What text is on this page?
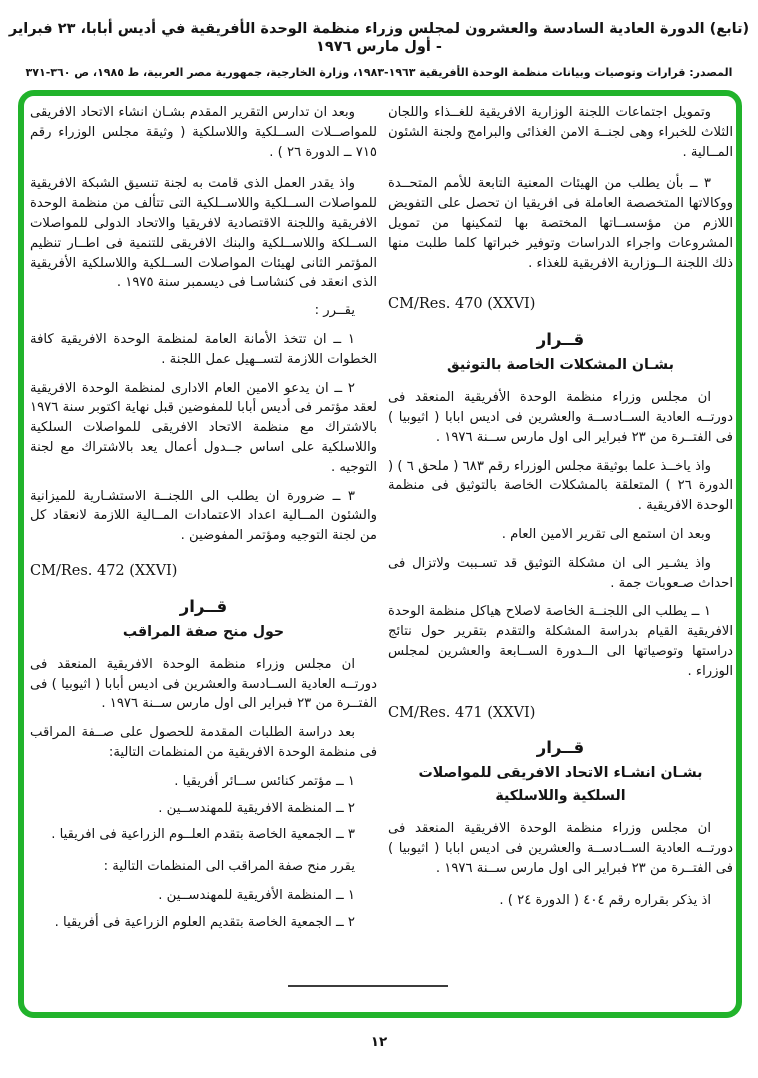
(تابع) الدورة العادية السادسة والعشرون لمجلس وزراء منظمة الوحدة الأفريقية في أديس أبابا، ٢٣ فبراير - أول مارس ١٩٧٦
المصدر: قرارات وتوصيات وبيانات منظمة الوحدة الأفريقية ١٩٦٣-١٩٨٣، وزارة الخارجية، جمهورية مصر العربية، ط ١٩٨٥، ص ٣٦٠-٣٧١

وتمويل اجتماعات اللجنة الوزارية الافريقية للغــذاء واللجان الثلاث للخبراء وهى لجنــة الامن الغذائى والبرامج ولجنة الشئون المــالية .

٣ ــ بأن يطلب من الهيئات المعنية التابعة للأمم المتحــدة ووكالاتها المتخصصة العاملة فى افريقيا ان تحصل على التفويض اللازم من مؤسســاتها المختصة بها لتمكينها من تمويل المشروعات واجراء الدراسات وتوفير خبراتها كلما طلبت منها ذلك اللجنة الــوزارية الافريقية للغذاء .

CM/Res. 470 (XXVI)
قــرار
بشـان المشكلات الخاصة بالتوثيق

ان مجلس وزراء منظمة الوحدة الأفريقية المنعقد فى دورتــه العادية الســادســة والعشرين فى اديس ابابا ( اثيوبيا ) فى الفتــرة من ٢٣ فبراير الى اول مارس ســنة ١٩٧٦ .

واذ ياخــذ علما بوثيقة مجلس الوزراء رقم ٦٨٣ ( ملحق ٦ ) ( الدورة ٢٦ ) المتعلقة بالمشكلات الخاصة بالتوثيق فى منظمة الوحدة الافريقية .

وبعد ان استمع الى تقرير الامين العام .

واذ يشـير الى ان مشكلة التوثيق قد تسـببت ولاتزال فى احداث صـعوبات جمة .

١ ــ يطلب الى اللجنــة الخاصة لاصلاح هياكل منظمة الوحدة الافريقية القيام بدراسة المشكلة والتقدم بتقرير حول نتائج دراستها وتوصياتها الى الــدورة الســابعة والعشرين لمجلس الوزراء .

CM/Res. 471 (XXVI)
قــرار
بشـان انشـاء الاتحاد الافريقى للمواصلات
السلكية واللاسلكية

ان مجلس وزراء منظمة الوحدة الافريقية المنعقد فى دورتــه العادية الســادســة والعشرين فى اديس ابابا ( اثيوبيا ) فى الفتــرة من ٢٣ فبراير الى اول مارس ســنة ١٩٧٦ .

اذ يذكر بقراره رقم ٤٠٤ ( الدورة ٢٤ ) .

وبعد ان تدارس التقرير المقدم بشـان انشاء الاتحاد الافريقى للمواصــلات الســلكية واللاسلكية ( وثيقة مجلس الوزراء رقم ٧١٥ ــ الدورة ٢٦ ) .

واذ يقدر العمل الذى قامت به لجنة تنسيق الشبكة الافريقية للمواصلات الســلكية واللاســلكية التى تتألف من منظمة الوحدة الافريقية واللجنة الاقتصادية لافريقيا والاتحاد الدولى للمواصلات الســلكة واللاســلكية والبنك الافريقى للتنمية فى اطــار تنظيم المؤتمر الثانى لهيئات المواصلات الســلكية واللاسلكية الأفريقية الذى انعقد فى كنشاسـا فى ديسمبر سنة ١٩٧٥ .

يقــرر :

١ ــ ان تتخذ الأمانة العامة لمنظمة الوحدة الافريقية كافة الخطوات اللازمة لتســهيل عمل اللجنة .

٢ ــ ان يدعو الامين العام الادارى لمنظمة الوحدة الافريقية لعقد مؤتمر فى أديس أبابا للمفوضين قبل نهاية اكتوبر سنة ١٩٧٦ بالاشتراك مع منظمة الاتحاد الافريقى للمواصلات السلكية واللاسلكية على اساس جــدول أعمال يعد بالاشتراك مع لجنة التوجيه .

٣ ــ ضرورة ان يطلب الى اللجنــة الاستشـارية للميزانية والشئون المــالية اعداد الاعتمادات المــالية اللازمة لانعقاد كل من لجنة التوجيه ومؤتمر المفوضين .

CM/Res. 472 (XXVI)
قــرار
حول منح صفة المراقب

ان مجلس وزراء منظمة الوحدة الافريقية المنعقد فى دورتــه العادية الســادسة والعشرين فى اديس أبابا ( اثيوبيا ) فى الفتــرة من ٢٣ فبراير الى اول مارس ســنة ١٩٧٦ .

بعد دراسة الطلبات المقدمة للحصول على صــفة المراقب فى منظمة الوحدة الافريقية من المنظمات التالية:

١ ــ مؤتمر كنائس ســائر أفريقيا .
٢ ــ المنظمة الافريقية للمهندســين .
٣ ــ الجمعية الخاصة بتقدم العلــوم الزراعية فى افريقيا .

يقرر منح صفة المراقب الى المنظمات التالية :

١ ــ المنظمة الأفريقية للمهندســين .
٢ ــ الجمعية الخاصة بتقديم العلوم الزراعية فى أفريقيا .
١٢
